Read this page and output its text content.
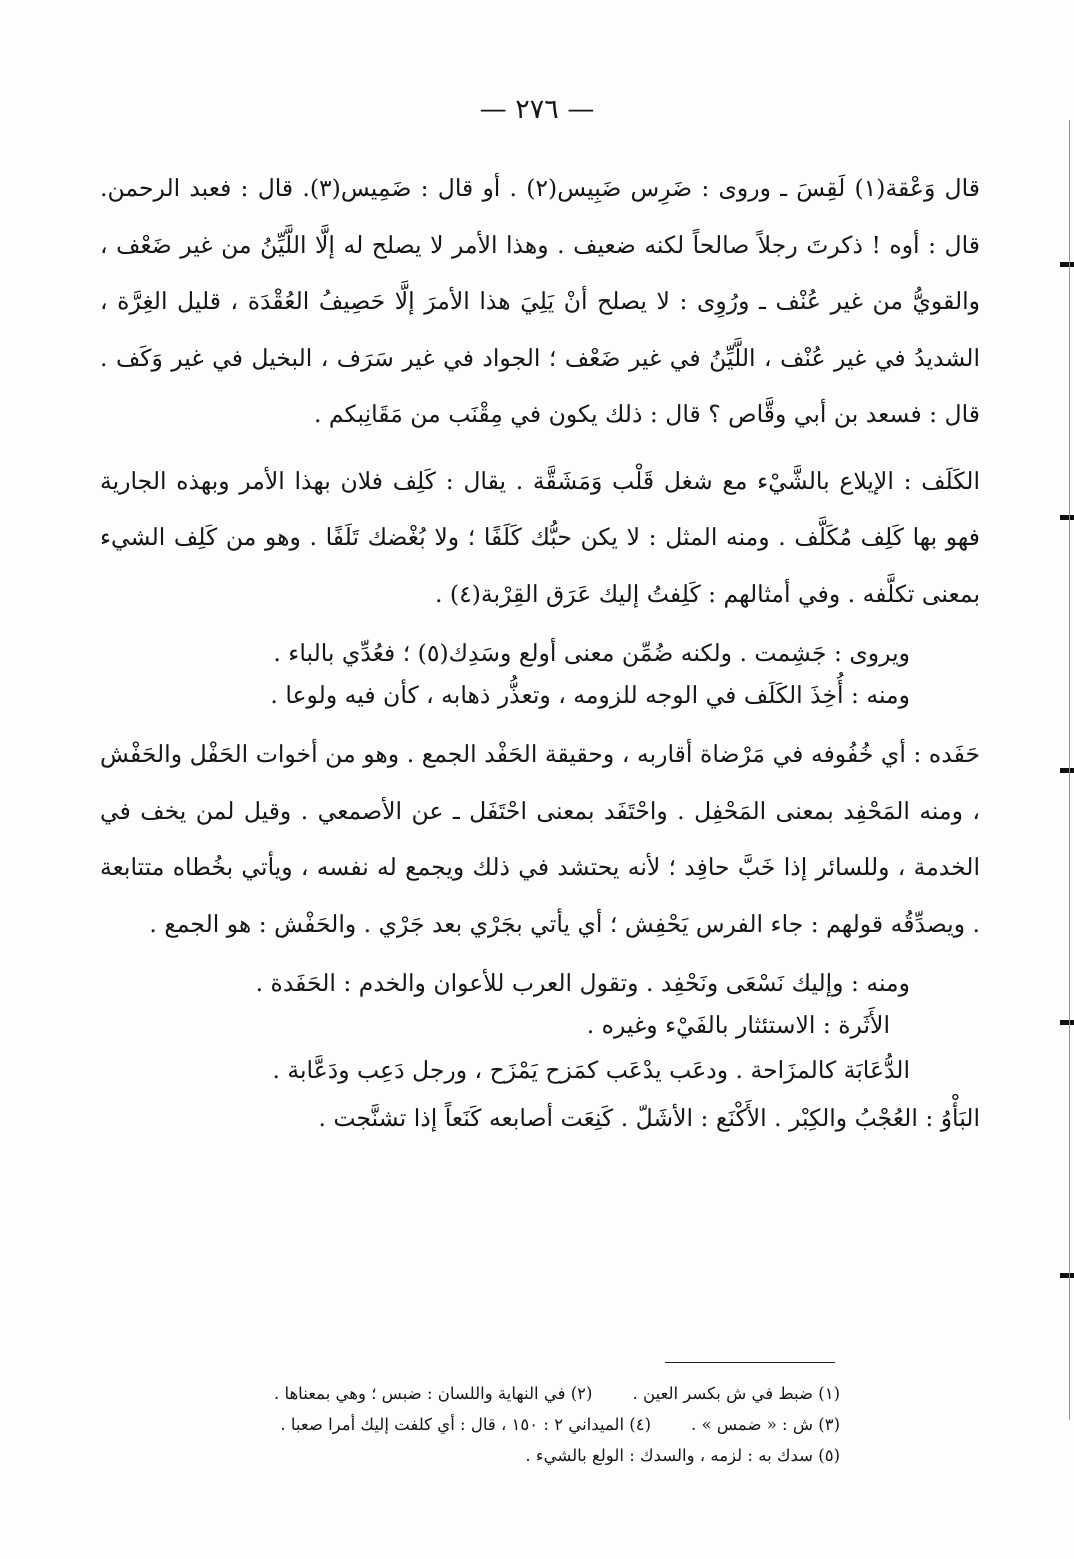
— ٢٧٦ —

قال وَعْقة(١) لَقِسَ ـ وروى : ضَرِس ضَبِيس(٢) . أو قال : ضَمِيس(٣). قال : فعبد الرحمن. قال : أوه ! ذكرتَ رجلاً صالحاً لكنه ضعيف . وهذا الأمر لا يصلح له إلَّا اللَّيِّنُ من غير ضَعْف ، والقويُّ من غير عُنْف ـ ورُوِى : لا يصلح أنْ يَلِيَ هذا الأمرَ إلَّا حَصِيفُ العُقْدَة ، قليل الغِرَّة ، الشديدُ في غير عُنْف ، اللَّيِّنُ في غير ضَعْف ؛ الجواد في غير سَرَف ، البخيل في غير وَكَف . قال : فسعد بن أبي وقَّاص ؟ قال : ذلك يكون في مِقْنَب من مَقَانِبكم .

الكَلَف : الإيلاع بالشَّيْء مع شغل قَلْب وَمَشَقَّة . يقال : كَلِف فلان بهذا الأمر وبهذه الجارية فهو بها كَلِف مُكَلَّف . ومنه المثل : لا يكن حبُّك كَلَفًا ؛ ولا بُغْضك تَلَفًا . وهو من كَلِف الشيء بمعنى تكلَّفه . وفي أمثالهم : كَلِفتُ إليك عَرَق القِرْبة(٤) .

ويروى : جَشِمت . ولكنه ضُمِّن معنى أولع وسَدِك(٥) ؛ فعُدِّي بالباء .

ومنه : أُخِذَ الكَلَف في الوجه للزومه ، وتعذُّر ذهابه ، كأن فيه ولوعا .

حَفَده : أي خُفُوفه في مَرْضاة أقاربه ، وحقيقة الحَفْد الجمع . وهو من أخوات الحَفْل والحَفْش ، ومنه المَحْفِد بمعنى المَحْفِل . واحْتَفَد بمعنى احْتَفَل ـ عن الأصمعي . وقيل لمن يخف في الخدمة ، وللسائر إذا خَبَّ حافِد ؛ لأنه يحتشد في ذلك ويجمع له نفسه ، ويأتي بخُطاه متتابعة . ويصدِّقُه قولهم : جاء الفرس يَحْفِش ؛ أي يأتي بجَرْي بعد جَرْي . والحَفْش : هو الجمع .

ومنه : وإليك نَسْعَى ونَحْفِد . وتقول العرب للأعوان والخدم : الحَفَدة .

الأَثَرة : الاستئثار بالفَيْء وغيره .

الدُّعَابَة كالمزَاحة . ودعَب يدْعَب كمَزح يَمْزَح ، ورجل دَعِب ودَعَّابة .

البَأْوُ : العُجْبُ والكِبْر . الأَكْنَع : الأشَلّ . كَنِعَت أصابعه كَنَعاً إذا تشنَّجت .

(١) ضبط في ش بكسر العين .
(٢) في النهاية واللسان : ضبس ؛ وهي بمعناها .
(٣) ش : « ضمس » .
(٤) الميداني ٢ : ١٥٠ ، قال : أي كلفت إليك أمرا صعبا .
(٥) سدك به : لزمه ، والسدك : الولع بالشيء .
